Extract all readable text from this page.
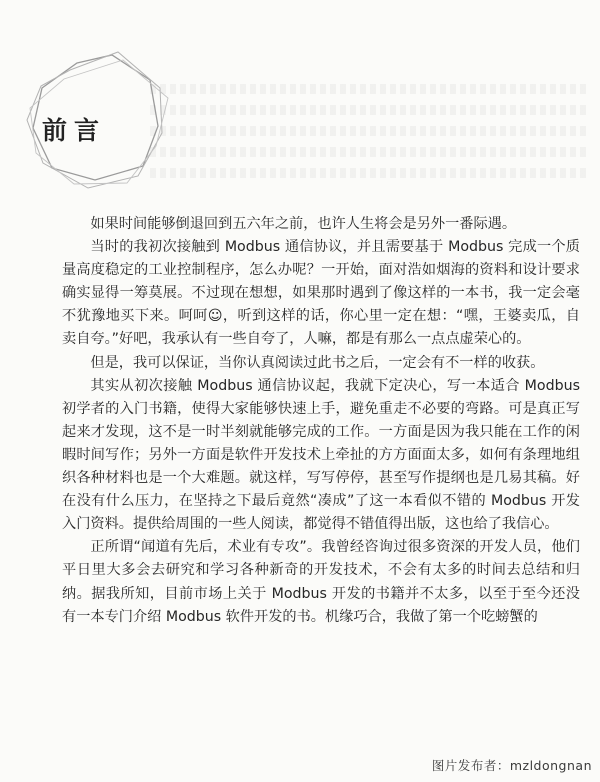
前言

如果时间能够倒退回到五六年之前，也许人生将会是另外一番际遇。

当时的我初次接触到 Modbus 通信协议，并且需要基于 Modbus 完成一个质量高度稳定的工业控制程序，怎么办呢？一开始，面对浩如烟海的资料和设计要求确实显得一筹莫展。不过现在想想，如果那时遇到了像这样的一本书，我一定会毫不犹豫地买下来。呵呵☺，听到这样的话，你心里一定在想：“嘿，王婆卖瓜，自卖自夸。”好吧，我承认有一些自夸了，人嘛，都是有那么一点点虚荣心的。

但是，我可以保证，当你认真阅读过此书之后，一定会有不一样的收获。

其实从初次接触 Modbus 通信协议起，我就下定决心，写一本适合 Modbus 初学者的入门书籍，使得大家能够快速上手，避免重走不必要的弯路。可是真正写起来才发现，这不是一时半刻就能够完成的工作。一方面是因为我只能在工作的闲暇时间写作；另外一方面是软件开发技术上牵扯的方方面面太多，如何有条理地组织各种材料也是一个大难题。就这样，写写停停，甚至写作提纲也是几易其稿。好在没有什么压力，在坚持之下最后竟然“凑成”了这一本看似不错的 Modbus 开发入门资料。提供给周围的一些人阅读，都觉得不错值得出版，这也给了我信心。

正所谓“闻道有先后，术业有专攻”。我曾经咨询过很多资深的开发人员，他们平日里大多会去研究和学习各种新奇的开发技术，不会有太多的时间去总结和归纳。据我所知，目前市场上关于 Modbus 开发的书籍并不太多，以至于至今还没有一本专门介绍 Modbus 软件开发的书。机缘巧合，我做了第一个吃螃蟹的

图片发布者：mzldongnan
